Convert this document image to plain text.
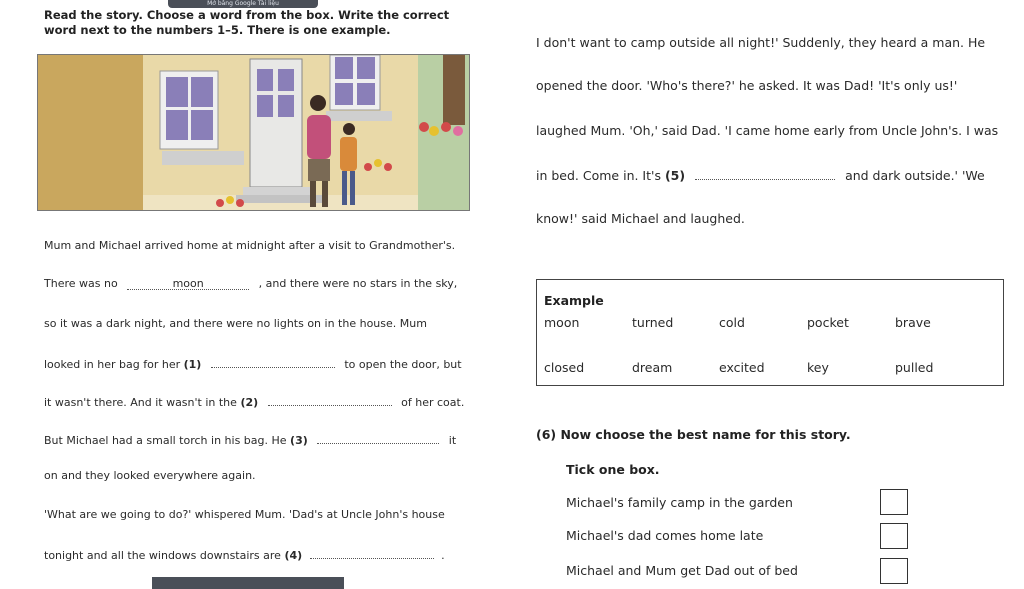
Mở bằng Google Tài liệu
Read the story. Choose a word from the box. Write the correct
word next to the numbers 1–5. There is one example.
Mum and Michael arrived home at midnight after a visit to Grandmother's.
There was no	moon	, and there were no stars in the sky,
so it was a dark night, and there were no lights on in the house. Mum
looked in her bag for her (1)	to open the door, but
it wasn't there. And it wasn't in the (2)	of her coat.
But Michael had a small torch in his bag. He (3)	it
on and they looked everywhere again.
'What are we going to do?' whispered Mum. 'Dad's at Uncle John's house
tonight and all the windows downstairs are (4)	.
I don't want to camp outside all night!' Suddenly, they heard a man. He
opened the door. 'Who's there?' he asked. It was Dad! 'It's only us!'
laughed Mum. 'Oh,' said Dad. 'I came home early from Uncle John's. I was
in bed. Come in. It's (5)	and dark outside.' 'We
know!' said Michael and laughed.
Example
moon	turned	cold	pocket	brave
closed	dream	excited	key	pulled
(6) Now choose the best name for this story.
Tick one box.
Michael's family camp in the garden
Michael's dad comes home late
Michael and Mum get Dad out of bed
